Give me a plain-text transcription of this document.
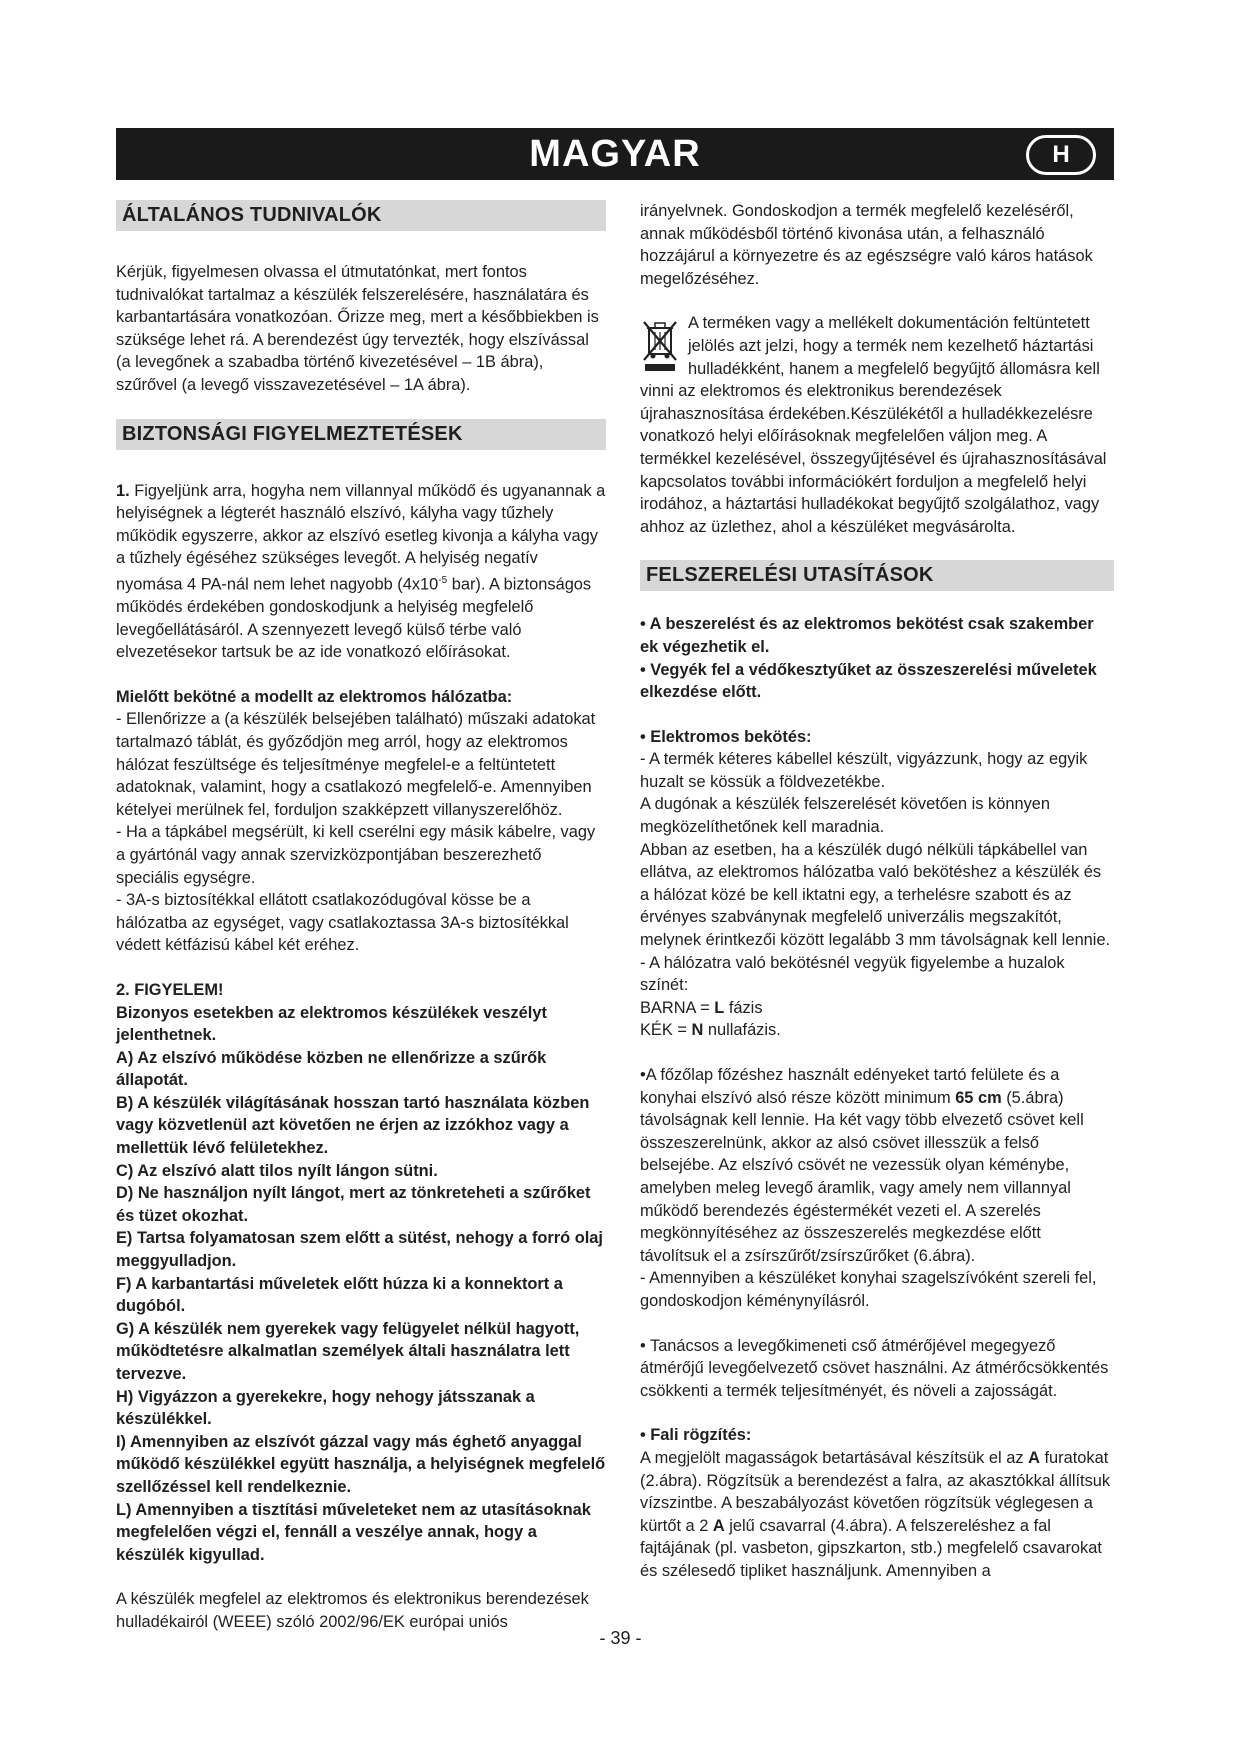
MAGYAR	H
ÁLTALÁNOS TUDNIVALÓK

Kérjük, figyelmesen olvassa el útmutatónkat, mert fontos tudnivalókat tartalmaz a készülék felszerelésére, használatára és karbantartására vonatkozóan. Őrizze meg, mert a későbbiekben is szüksége lehet rá. A berendezést úgy tervezték, hogy elszívással (a levegőnek a szabadba történő kivezetésével – 1B ábra), szűrővel (a levegő visszavezetésével – 1A ábra).

BIZTONSÁGI FIGYELMEZTETÉSEK

1. Figyeljünk arra, hogyha nem villannyal működő és ugyanannak a helyiségnek a légterét használó elszívó, kályha vagy tűzhely működik egyszerre, akkor az elszívó esetleg kivonja a kályha vagy a tűzhely égéséhez szükséges levegőt. A helyiség negatív nyomása 4 PA-nál nem lehet nagyobb ($4x10^{-5}$ bar). A biztonságos működés érdekében gondoskodjunk a helyiség megfelelő levegőellátásáról. A szennyezett levegő külső térbe való elvezetésekor tartsuk be az ide vonatkozó előírásokat.

Mielőtt bekötné a modellt az elektromos hálózatba:

- Ellenőrizze a (a készülék belsejében található) műszaki adatokat tartalmazó táblát, és győződjön meg arról, hogy az elektromos hálózat feszültsége és teljesítménye megfelel-e a feltüntetett adatoknak, valamint, hogy a csatlakozó megfelelő-e. Amennyiben kételyei merülnek fel, forduljon szakképzett villanyszerelőhöz.

- Ha a tápkábel megsérült, ki kell cserélni egy másik kábelre, vagy a gyártónál vagy annak szervizközpontjában beszerezhető speciális egységre.

- 3A-s biztosítékkal ellátott csatlakozódugóval kösse be a hálózatba az egységet, vagy csatlakoztassa 3A-s biztosítékkal védett kétfázisú kábel két eréhez.

2. FIGYELEM!

Bizonyos esetekben az elektromos készülékek veszélyt jelenthetnek.

A) Az elszívó működése közben ne ellenőrizze a szűrők állapotát.

B) A készülék világításának hosszan tartó használata közben vagy közvetlenül azt követően ne érjen az izzókhoz vagy a mellettük lévő felületekhez.

C) Az elszívó alatt tilos nyílt lángon sütni.

D) Ne használjon nyílt lángot, mert az tönkreteheti a szűrőket és tüzet okozhat.

E) Tartsa folyamatosan szem előtt a sütést, nehogy a forró olaj meggyulladjon.

F) A karbantartási műveletek előtt húzza ki a konnektort a dugóból.

G) A készülék nem gyerekek vagy felügyelet nélkül hagyott, működtetésre alkalmatlan személyek általi használatra lett tervezve.

H) Vigyázzon a gyerekekre, hogy nehogy játsszanak a készülékkel.

I) Amennyiben az elszívót gázzal vagy más éghető anyaggal működő készülékkel együtt használja, a helyiségnek megfelelő szellőzéssel kell rendelkeznie.

L) Amennyiben a tisztítási műveleteket nem az utasításoknak megfelelően végzi el, fennáll a veszélye annak, hogy a készülék kigyullad.

A készülék megfelel az elektromos és elektronikus berendezések hulladékairól (WEEE) szóló 2002/96/EK európai uniós

irányelvnek. Gondoskodjon a termék megfelelő kezeléséről, annak működésből történő kivonása után, a felhasználó hozzájárul a környezetre és az egészségre való káros hatások megelőzéséhez.

A terméken vagy a mellékelt dokumentáción feltüntetett jelölés azt jelzi, hogy a termék nem kezelhető háztartási hulladékként, hanem a megfelelő begyűjtő állomásra kell vinni az elektromos és elektronikus berendezések újrahasznosítása érdekében.Készülékétől a hulladékkezelésre vonatkozó helyi előírásoknak megfelelően váljon meg. A termékkel kezelésével, összegyűjtésével és újrahasznosításával kapcsolatos további információkért forduljon a megfelelő helyi irodához, a háztartási hulladékokat begyűjtő szolgálathoz, vagy ahhoz az üzlethez, ahol a készüléket megvásárolta.

FELSZERELÉSI UTASÍTÁSOK

• A beszerelést és az elektromos bekötést csak szakember ek végezhetik el.

• Vegyék fel a védőkesztyűket az összeszerelési műveletek elkezdése előtt.

• Elektromos bekötés:

- A termék kéteres kábellel készült, vigyázzunk, hogy az egyik huzalt se kössük a földvezetékbe.

A dugónak a készülék felszerelését követően is könnyen megközelíthetőnek kell maradnia.

Abban az esetben, ha a készülék dugó nélküli tápkábellel van ellátva, az elektromos hálózatba való bekötéshez a készülék és a hálózat közé be kell iktatni egy, a terhelésre szabott és az érvényes szabványnak megfelelő univerzális megszakítót, melynek érintkezői között legalább 3 mm távolságnak kell lennie.

- A hálózatra való bekötésnél vegyük figyelembe a huzalok színét:

BARNA = L fázis

KÉK = N nullafázis.

•A főzőlap főzéshez használt edényeket tartó felülete és a konyhai elszívó alsó része között minimum 65 cm (5.ábra) távolságnak kell lennie. Ha két vagy több elvezető csövet kell összeszerelnünk, akkor az alsó csövet illesszük a felső belsejébe. Az elszívó csövét ne vezessük olyan kéménybe, amelyben meleg levegő áramlik, vagy amely nem villannyal működő berendezés égéstermékét vezeti el. A szerelés megkönnyítéséhez az összeszerelés megkezdése előtt távolítsuk el a zsírszűrőt/zsírszűrőket (6.ábra).

- Amennyiben a készüléket konyhai szagelszívóként szereli fel, gondoskodjon kéménynyílásról.

• Tanácsos a levegőkimeneti cső átmérőjével megegyező átmérőjű levegőelvezető csövet használni. Az átmérőcsökkentés csökkenti a termék teljesítményét, és növeli a zajosságát.

• Fali rögzítés:

A megjelölt magasságok betartásával készítsük el az A furatokat (2.ábra). Rögzítsük a berendezést a falra, az akasztókkal állítsuk vízszintbe. A beszabályozást követően rögzítsük véglegesen a kürtőt a 2 A jelű csavarral (4.ábra). A felszereléshez a fal fajtájának (pl. vasbeton, gipszkarton, stb.) megfelelő csavarokat és szélesedő tipliket használjunk. Amennyiben a

- 39 -
